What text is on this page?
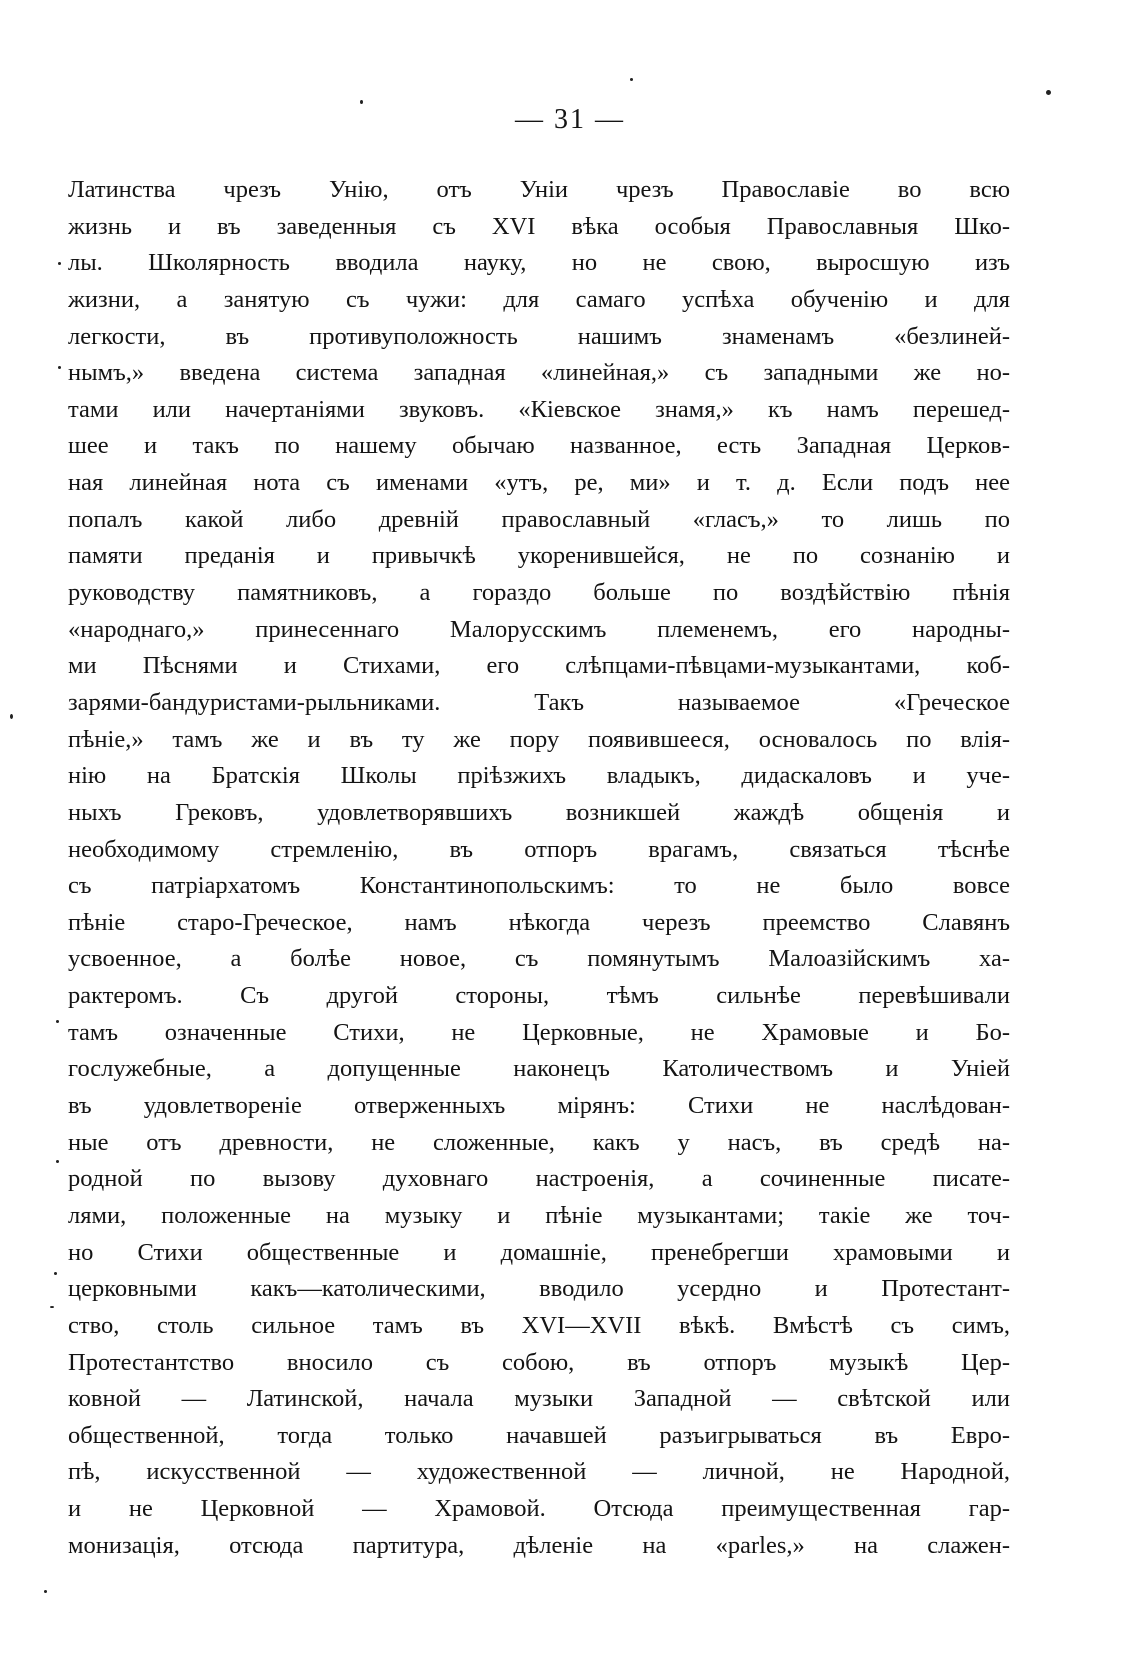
— 31 —
Латинства чрезъ Унію, отъ Уніи чрезъ Православіе во всю
жизнь и въ заведенныя съ XVI вѣка особыя Православныя Шко-
лы. Школярность вводила науку, но не свою, выросшую изъ
жизни, а занятую съ чужи: для самаго успѣха обученію и для
легкости, въ противуположность нашимъ знаменамъ «безлиней-
нымъ,» введена система западная «линейная,» съ западными же но-
тами или начертаніями звуковъ. «Кіевское знамя,» къ намъ перешед-
шее и такъ по нашему обычаю названное, есть Западная Церков-
ная линейная нота съ именами «утъ, ре, ми» и т. д. Если подъ нее
попалъ какой либо древній православный «гласъ,» то лишь по
памяти преданія и привычкѣ укоренившейся, не по сознанію и
руководству памятниковъ, а гораздо больше по воздѣйствію пѣнія
«народнаго,» принесеннаго Малорусскимъ племенемъ, его народны-
ми Пѣснями и Стихами, его слѣпцами-пѣвцами-музыкантами, коб-
зарями-бандуристами-рыльниками. Такъ называемое «Греческое
пѣніе,» тамъ же и въ ту же пору появившееся, основалось по влія-
нію на Братскія Школы пріѣзжихъ владыкъ, дидаскаловъ и уче-
ныхъ Грековъ, удовлетворявшихъ возникшей жаждѣ общенія и
необходимому стремленію, въ отпоръ врагамъ, связаться тѣснѣе
съ патріархатомъ Константинопольскимъ: то не было вовсе
пѣніе старо-Греческое, намъ нѣкогда черезъ преемство Славянъ
усвоенное, а болѣе новое, съ помянутымъ Малоазійскимъ ха-
рактеромъ. Съ другой стороны, тѣмъ сильнѣе перевѣшивали
тамъ означенные Стихи, не Церковные, не Храмовые и Бо-
гослужебные, а допущенные наконецъ Католичествомъ и Уніей
въ удовлетвореніе отверженныхъ мірянъ: Стихи не наслѣдован-
ные отъ древности, не сложенные, какъ у насъ, въ средѣ на-
родной по вызову духовнаго настроенія, а сочиненные писате-
лями, положенные на музыку и пѣніе музыкантами; такіе же точ-
но Стихи общественные и домашніе, пренебрегши храмовыми и
церковными какъ—католическими, вводило усердно и Протестант-
ство, столь сильное тамъ въ XVI—XVII вѣкѣ. Вмѣстѣ съ симъ,
Протестантство вносило съ собою, въ отпоръ музыкѣ Цер-
ковной — Латинской, начала музыки Западной — свѣтской или
общественной, тогда только начавшей разъигрываться въ Евро-
пѣ, искусственной — художественной — личной, не Народной,
и не Церковной — Храмовой. Отсюда преимущественная гар-
монизація, отсюда партитура, дѣленіе на «parles,» на слажен-
